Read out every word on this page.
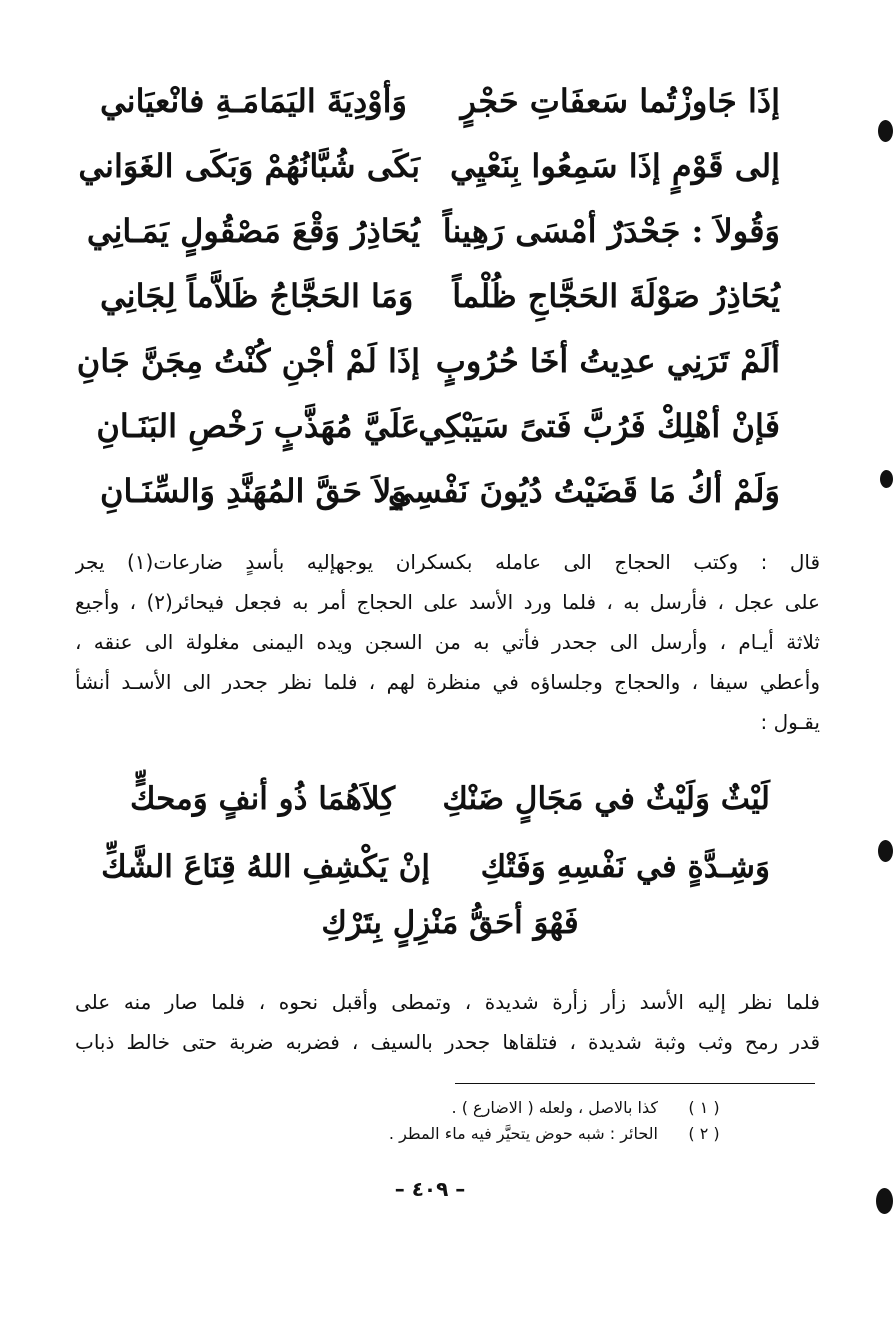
إذَا جَاوزْتُما سَعفَاتِ حَجْرٍ
وَأوْدِيَةَ اليَمَامَـةِ فانْعيَاني
إلى قَوْمٍ إذَا سَمِعُوا بِنَعْيِي
بَكَى شُبَّانُهُمْ وَبَكَى الغَوَاني
وَقُولاَ : جَحْدَرٌ أمْسَى رَهِيناً
يُحَاذِرُ وَقْعَ مَصْقُولٍ يَمَـانِي
يُحَاذِرُ صَوْلَةَ الحَجَّاجِ ظُلْماً
وَمَا الحَجَّاجُ ظَلاَّماً لِجَانِي
ألَمْ تَرَنِي عدِيتُ أخَا حُرُوبٍ
إذَا لَمْ أجْنِ كُنْتُ مِجَنَّ جَانِ
فَإنْ أهْلِكْ فَرُبَّ فَتىً سَيَبْكِي
عَلَيَّ مُهَذَّبٍ رَخْصِ البَنَـانِ
وَلَمْ أكُ مَا قَضَيْتُ دُيُونَ نَفْسِي
وَلاَ حَقَّ المُهَنَّدِ وَالسِّنَـانِ
قال : وكتب الحجاج الى عامله بكسكران يوجهإليه بأسدٍ ضارعات(١) يجر
على عجل ، فأرسل به ، فلما ورد الأسد على الحجاج أمر به فجعل فيحائر(٢) ، وأجيع
ثلاثة أيـام ، وأرسل الى جحدر فأتي به من السجن ويده اليمنى مغلولة الى عنقه ،
وأعطي سيفا ، والحجاج وجلساؤه في منظرة لهم ، فلما نظر جحدر الى الأسـد أنشأ
يقـول :
لَيْثٌ وَلَيْثٌ في مَجَالٍ ضَنْكِ
كِلاَهُمَا ذُو أنفٍ وَمحكٍّ
وَشِـدَّةٍ في نَفْسِهِ وَفَتْكِ
إنْ يَكْشِفِ اللهُ قِنَاعَ الشَّكِّ
فَهْوَ أحَقُّ مَنْزِلٍ بِتَرْكِ
فلما نظر إليه الأسد زأر زأرة شديدة ، وتمطى وأقبل نحوه ، فلما صار منه على
قدر رمح وثب وثبة شديدة ، فتلقاها جحدر بالسيف ، فضربه ضربة حتى خالط ذباب
( ١ )
كذا بالاصل ، ولعله ( الاضارع ) .
( ٢ )
الحائر : شبه حوض يتحيَّر فيه ماء المطر .
– ٤٠٩ –
